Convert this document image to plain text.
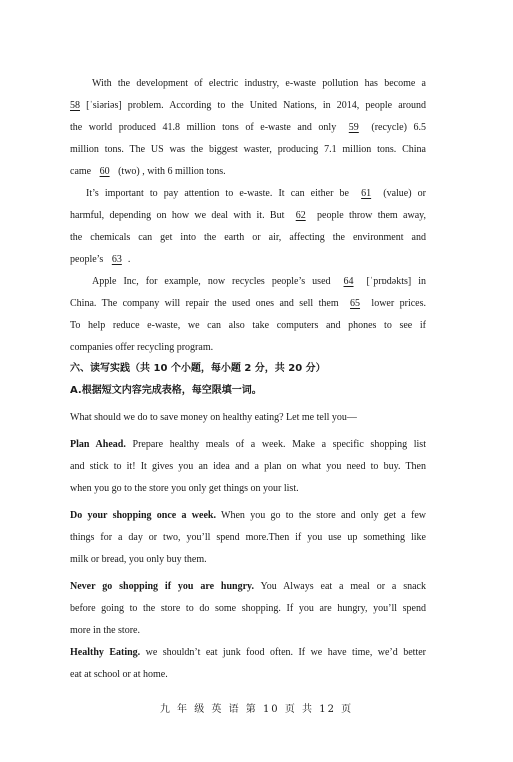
With the development of electric industry, e-waste pollution has become a
58 [ˈsiəriəs] problem. According to the United Nations, in 2014, people around
the world produced 41.8 million tons of e-waste and only 59 (recycle) 6.5
million tons. The US was the biggest waster, producing 7.1 million tons. China
came 60 (two) , with 6 million tons.
It’s important to pay attention to e-waste. It can either be 61 (value) or
harmful, depending on how we deal with it. But 62 people throw them away,
the chemicals can get into the earth or air, affecting the environment and
people’s 63 .
Apple Inc, for example, now recycles people’s used 64 [ˈprɒdəkts] in
China. The company will repair the used ones and sell them 65 lower prices.
To help reduce e-waste, we can also take computers and phones to see if
companies offer recycling program.
六、读写实践（共 10 个小题，每小题 2 分，共 20 分）
A.根据短文内容完成表格，每空限填一词。
What should we do to save money on healthy eating? Let me tell you—
Plan Ahead. Prepare healthy meals of a week. Make a specific shopping list
and stick to it! It gives you an idea and a plan on what you need to buy. Then
when you go to the store you only get things on your list.
Do your shopping once a week. When you go to the store and only get a few
things for a day or two, you’ll spend more.Then if you use up something like
milk or bread, you only buy them.
Never go shopping if you are hungry. You Always eat a meal or a snack
before going to the store to do some shopping. If you are hungry, you’ll spend
more in the store.
Healthy Eating. we shouldn’t eat junk food often. If we have time, we’d better
eat at school or at home.
九 年 级 英 语 第 10 页 共 12 页
